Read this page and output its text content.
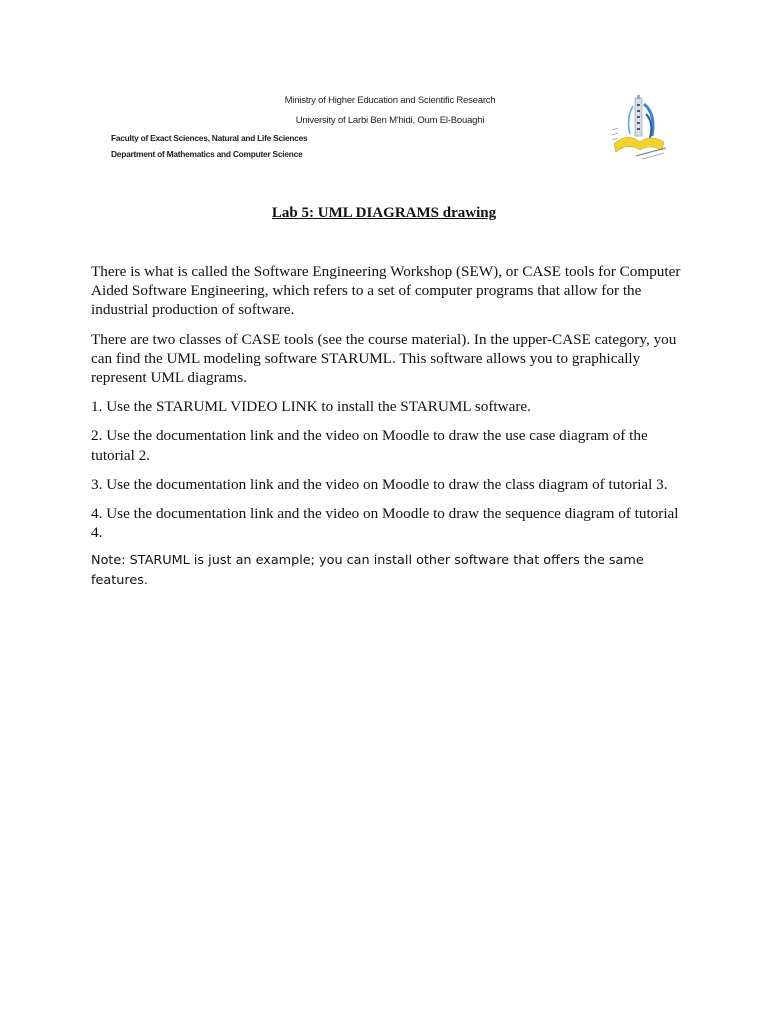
Ministry of Higher Education and Scientific Research
University of Larbi Ben M'hidi, Oum El-Bouaghi
Faculty of Exact Sciences, Natural and Life Sciences
Department of Mathematics and Computer Science
Lab 5: UML DIAGRAMS drawing

There is what is called the Software Engineering Workshop (SEW), or CASE tools for Computer Aided Software Engineering, which refers to a set of computer programs that allow for the industrial production of software.

There are two classes of CASE tools (see the course material). In the upper-CASE category, you can find the UML modeling software STARUML. This software allows you to graphically represent UML diagrams.

1. Use the STARUML VIDEO LINK to install the STARUML software.

2. Use the documentation link and the video on Moodle to draw the use case diagram of the tutorial 2.

3. Use the documentation link and the video on Moodle to draw the class diagram of tutorial 3.

4. Use the documentation link and the video on Moodle to draw the sequence diagram of tutorial 4.

Note: STARUML is just an example; you can install other software that offers the same features.
